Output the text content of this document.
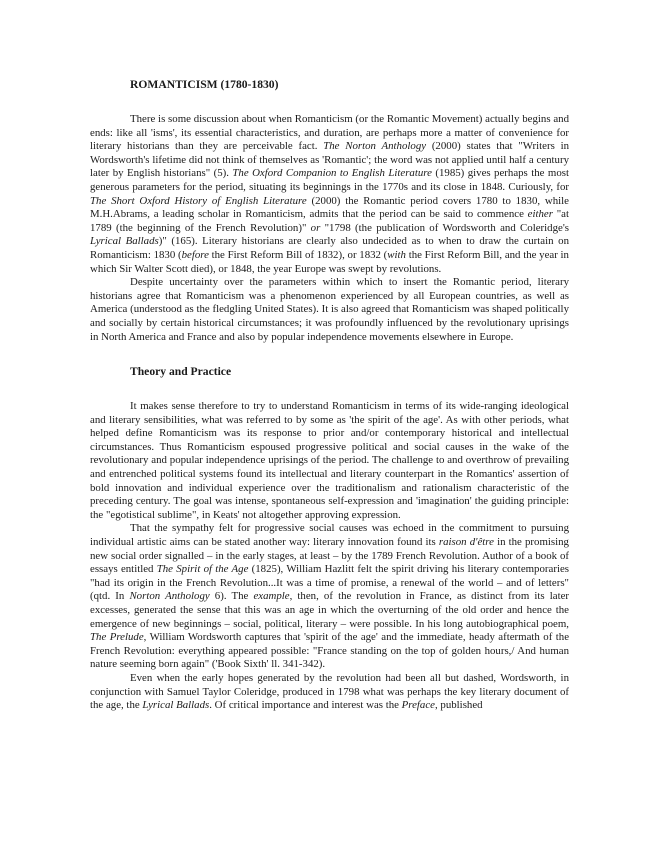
ROMANTICISM (1780-1830)

There is some discussion about when Romanticism (or the Romantic Movement) actually begins and ends: like all 'isms', its essential characteristics, and duration, are perhaps more a matter of convenience for literary historians than they are perceivable fact. The Norton Anthology (2000) states that "Writers in Wordsworth's lifetime did not think of themselves as 'Romantic'; the word was not applied until half a century later by English historians" (5). The Oxford Companion to English Literature (1985) gives perhaps the most generous parameters for the period, situating its beginnings in the 1770s and its close in 1848. Curiously, for The Short Oxford History of English Literature (2000) the Romantic period covers 1780 to 1830, while M.H.Abrams, a leading scholar in Romanticism, admits that the period can be said to commence either "at 1789 (the beginning of the French Revolution)" or "1798 (the publication of Wordsworth and Coleridge's Lyrical Ballads)" (165). Literary historians are clearly also undecided as to when to draw the curtain on Romanticism: 1830 (before the First Reform Bill of 1832), or 1832 (with the First Reform Bill, and the year in which Sir Walter Scott died), or 1848, the year Europe was swept by revolutions.

Despite uncertainty over the parameters within which to insert the Romantic period, literary historians agree that Romanticism was a phenomenon experienced by all European countries, as well as America (understood as the fledgling United States). It is also agreed that Romanticism was shaped politically and socially by certain historical circumstances; it was profoundly influenced by the revolutionary uprisings in North America and France and also by popular independence movements elsewhere in Europe.

Theory and Practice

It makes sense therefore to try to understand Romanticism in terms of its wide-ranging ideological and literary sensibilities, what was referred to by some as 'the spirit of the age'. As with other periods, what helped define Romanticism was its response to prior and/or contemporary historical and intellectual circumstances. Thus Romanticism espoused progressive political and social causes in the wake of the revolutionary and popular independence uprisings of the period. The challenge to and overthrow of prevailing and entrenched political systems found its intellectual and literary counterpart in the Romantics' assertion of bold innovation and individual experience over the traditionalism and rationalism characteristic of the preceding century. The goal was intense, spontaneous self-expression and 'imagination' the guiding principle: the "egotistical sublime", in Keats' not altogether approving expression.

That the sympathy felt for progressive social causes was echoed in the commitment to pursuing individual artistic aims can be stated another way: literary innovation found its raison d'être in the promising new social order signalled – in the early stages, at least – by the 1789 French Revolution. Author of a book of essays entitled The Spirit of the Age (1825), William Hazlitt felt the spirit driving his literary contemporaries "had its origin in the French Revolution...It was a time of promise, a renewal of the world – and of letters" (qtd. In Norton Anthology 6). The example, then, of the revolution in France, as distinct from its later excesses, generated the sense that this was an age in which the overturning of the old order and hence the emergence of new beginnings – social, political, literary – were possible. In his long autobiographical poem, The Prelude, William Wordsworth captures that 'spirit of the age' and the immediate, heady aftermath of the French Revolution: everything appeared possible: "France standing on the top of golden hours,/ And human nature seeming born again" ('Book Sixth' ll. 341-342).

Even when the early hopes generated by the revolution had been all but dashed, Wordsworth, in conjunction with Samuel Taylor Coleridge, produced in 1798 what was perhaps the key literary document of the age, the Lyrical Ballads. Of critical importance and interest was the Preface, published
